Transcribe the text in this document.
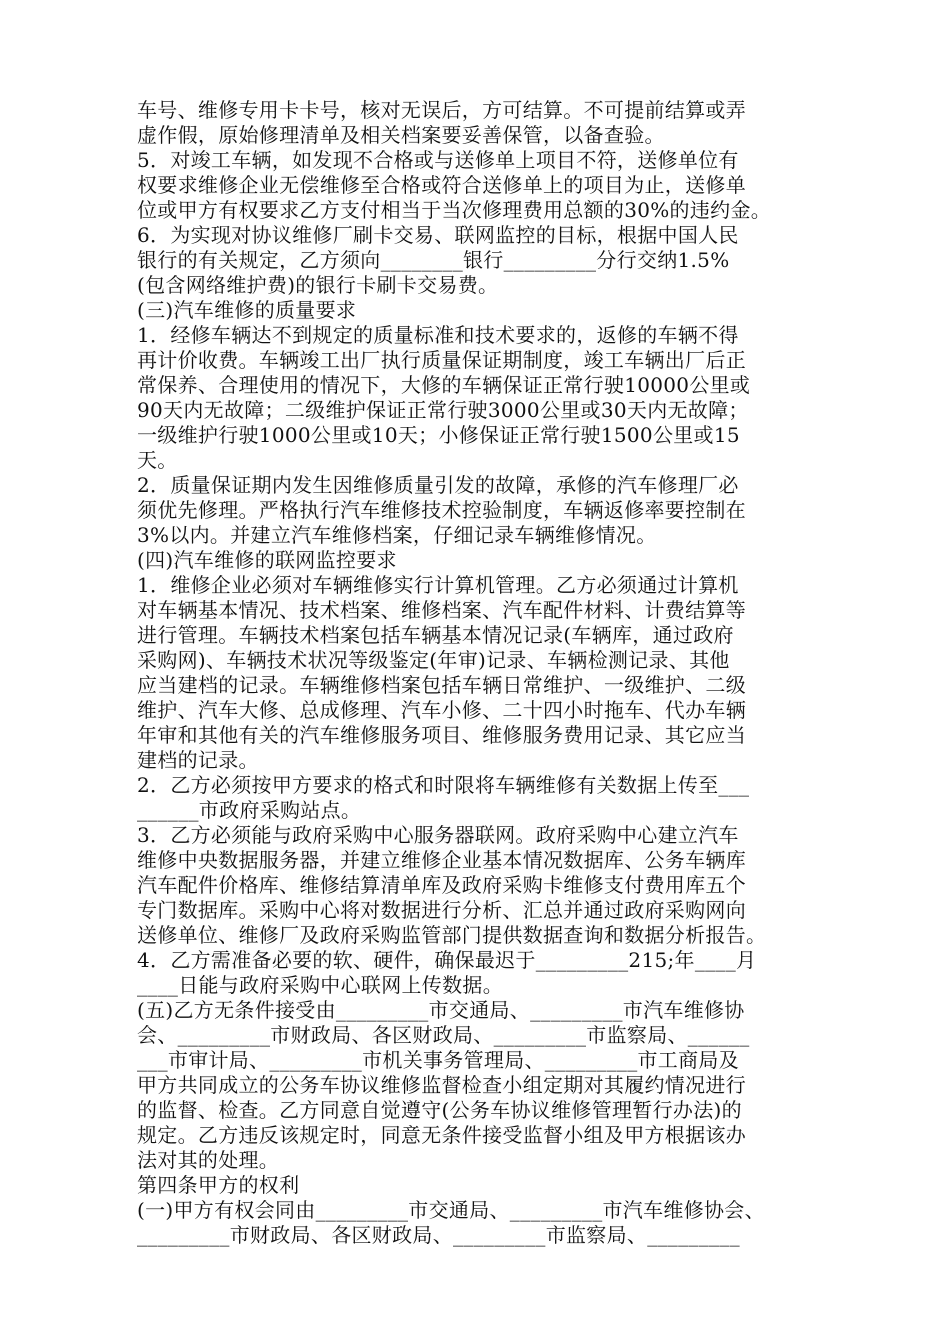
车号、维修专用卡卡号，核对无误后，方可结算。不可提前结算或弄
虚作假，原始修理清单及相关档案要妥善保管，以备查验。
5．对竣工车辆，如发现不合格或与送修单上项目不符，送修单位有
权要求维修企业无偿维修至合格或符合送修单上的项目为止，送修单
位或甲方有权要求乙方支付相当于当次修理费用总额的30%的违约金。
6．为实现对协议维修厂刷卡交易、联网监控的目标，根据中国人民
银行的有关规定，乙方须向________银行_________分行交纳1.5%
(包含网络维护费)的银行卡刷卡交易费。
(三)汽车维修的质量要求
1．经修车辆达不到规定的质量标准和技术要求的，返修的车辆不得
再计价收费。车辆竣工出厂执行质量保证期制度，竣工车辆出厂后正
常保养、合理使用的情况下，大修的车辆保证正常行驶10000公里或
90天内无故障；二级维护保证正常行驶3000公里或30天内无故障；
一级维护行驶1000公里或10天；小修保证正常行驶1500公里或15
天。
2．质量保证期内发生因维修质量引发的故障，承修的汽车修理厂必
须优先修理。严格执行汽车维修技术控验制度，车辆返修率要控制在
3%以内。并建立汽车维修档案，仔细记录车辆维修情况。
(四)汽车维修的联网监控要求
1．维修企业必须对车辆维修实行计算机管理。乙方必须通过计算机
对车辆基本情况、技术档案、维修档案、汽车配件材料、计费结算等
进行管理。车辆技术档案包括车辆基本情况记录(车辆库，通过政府
采购网)、车辆技术状况等级鉴定(年审)记录、车辆检测记录、其他
应当建档的记录。车辆维修档案包括车辆日常维护、一级维护、二级
维护、汽车大修、总成修理、汽车小修、二十四小时拖车、代办车辆
年审和其他有关的汽车维修服务项目、维修服务费用记录、其它应当
建档的记录。
2．乙方必须按甲方要求的格式和时限将车辆维修有关数据上传至___
______市政府采购站点。
3．乙方必须能与政府采购中心服务器联网。政府采购中心建立汽车
维修中央数据服务器，并建立维修企业基本情况数据库、公务车辆库
汽车配件价格库、维修结算清单库及政府采购卡维修支付费用库五个
专门数据库。采购中心将对数据进行分析、汇总并通过政府采购网向
送修单位、维修厂及政府采购监管部门提供数据查询和数据分析报告。
4．乙方需准备必要的软、硬件，确保最迟于_________215;年____月
____日能与政府采购中心联网上传数据。
(五)乙方无条件接受由_________市交通局、_________市汽车维修协
会、_________市财政局、各区财政局、_________市监察局、______
___市审计局、_________市机关事务管理局、_________市工商局及
甲方共同成立的公务车协议维修监督检查小组定期对其履约情况进行
的监督、检查。乙方同意自觉遵守(公务车协议维修管理暂行办法)的
规定。乙方违反该规定时，同意无条件接受监督小组及甲方根据该办
法对其的处理。
第四条甲方的权利
(一)甲方有权会同由_________市交通局、_________市汽车维修协会、
_________市财政局、各区财政局、_________市监察局、_________
